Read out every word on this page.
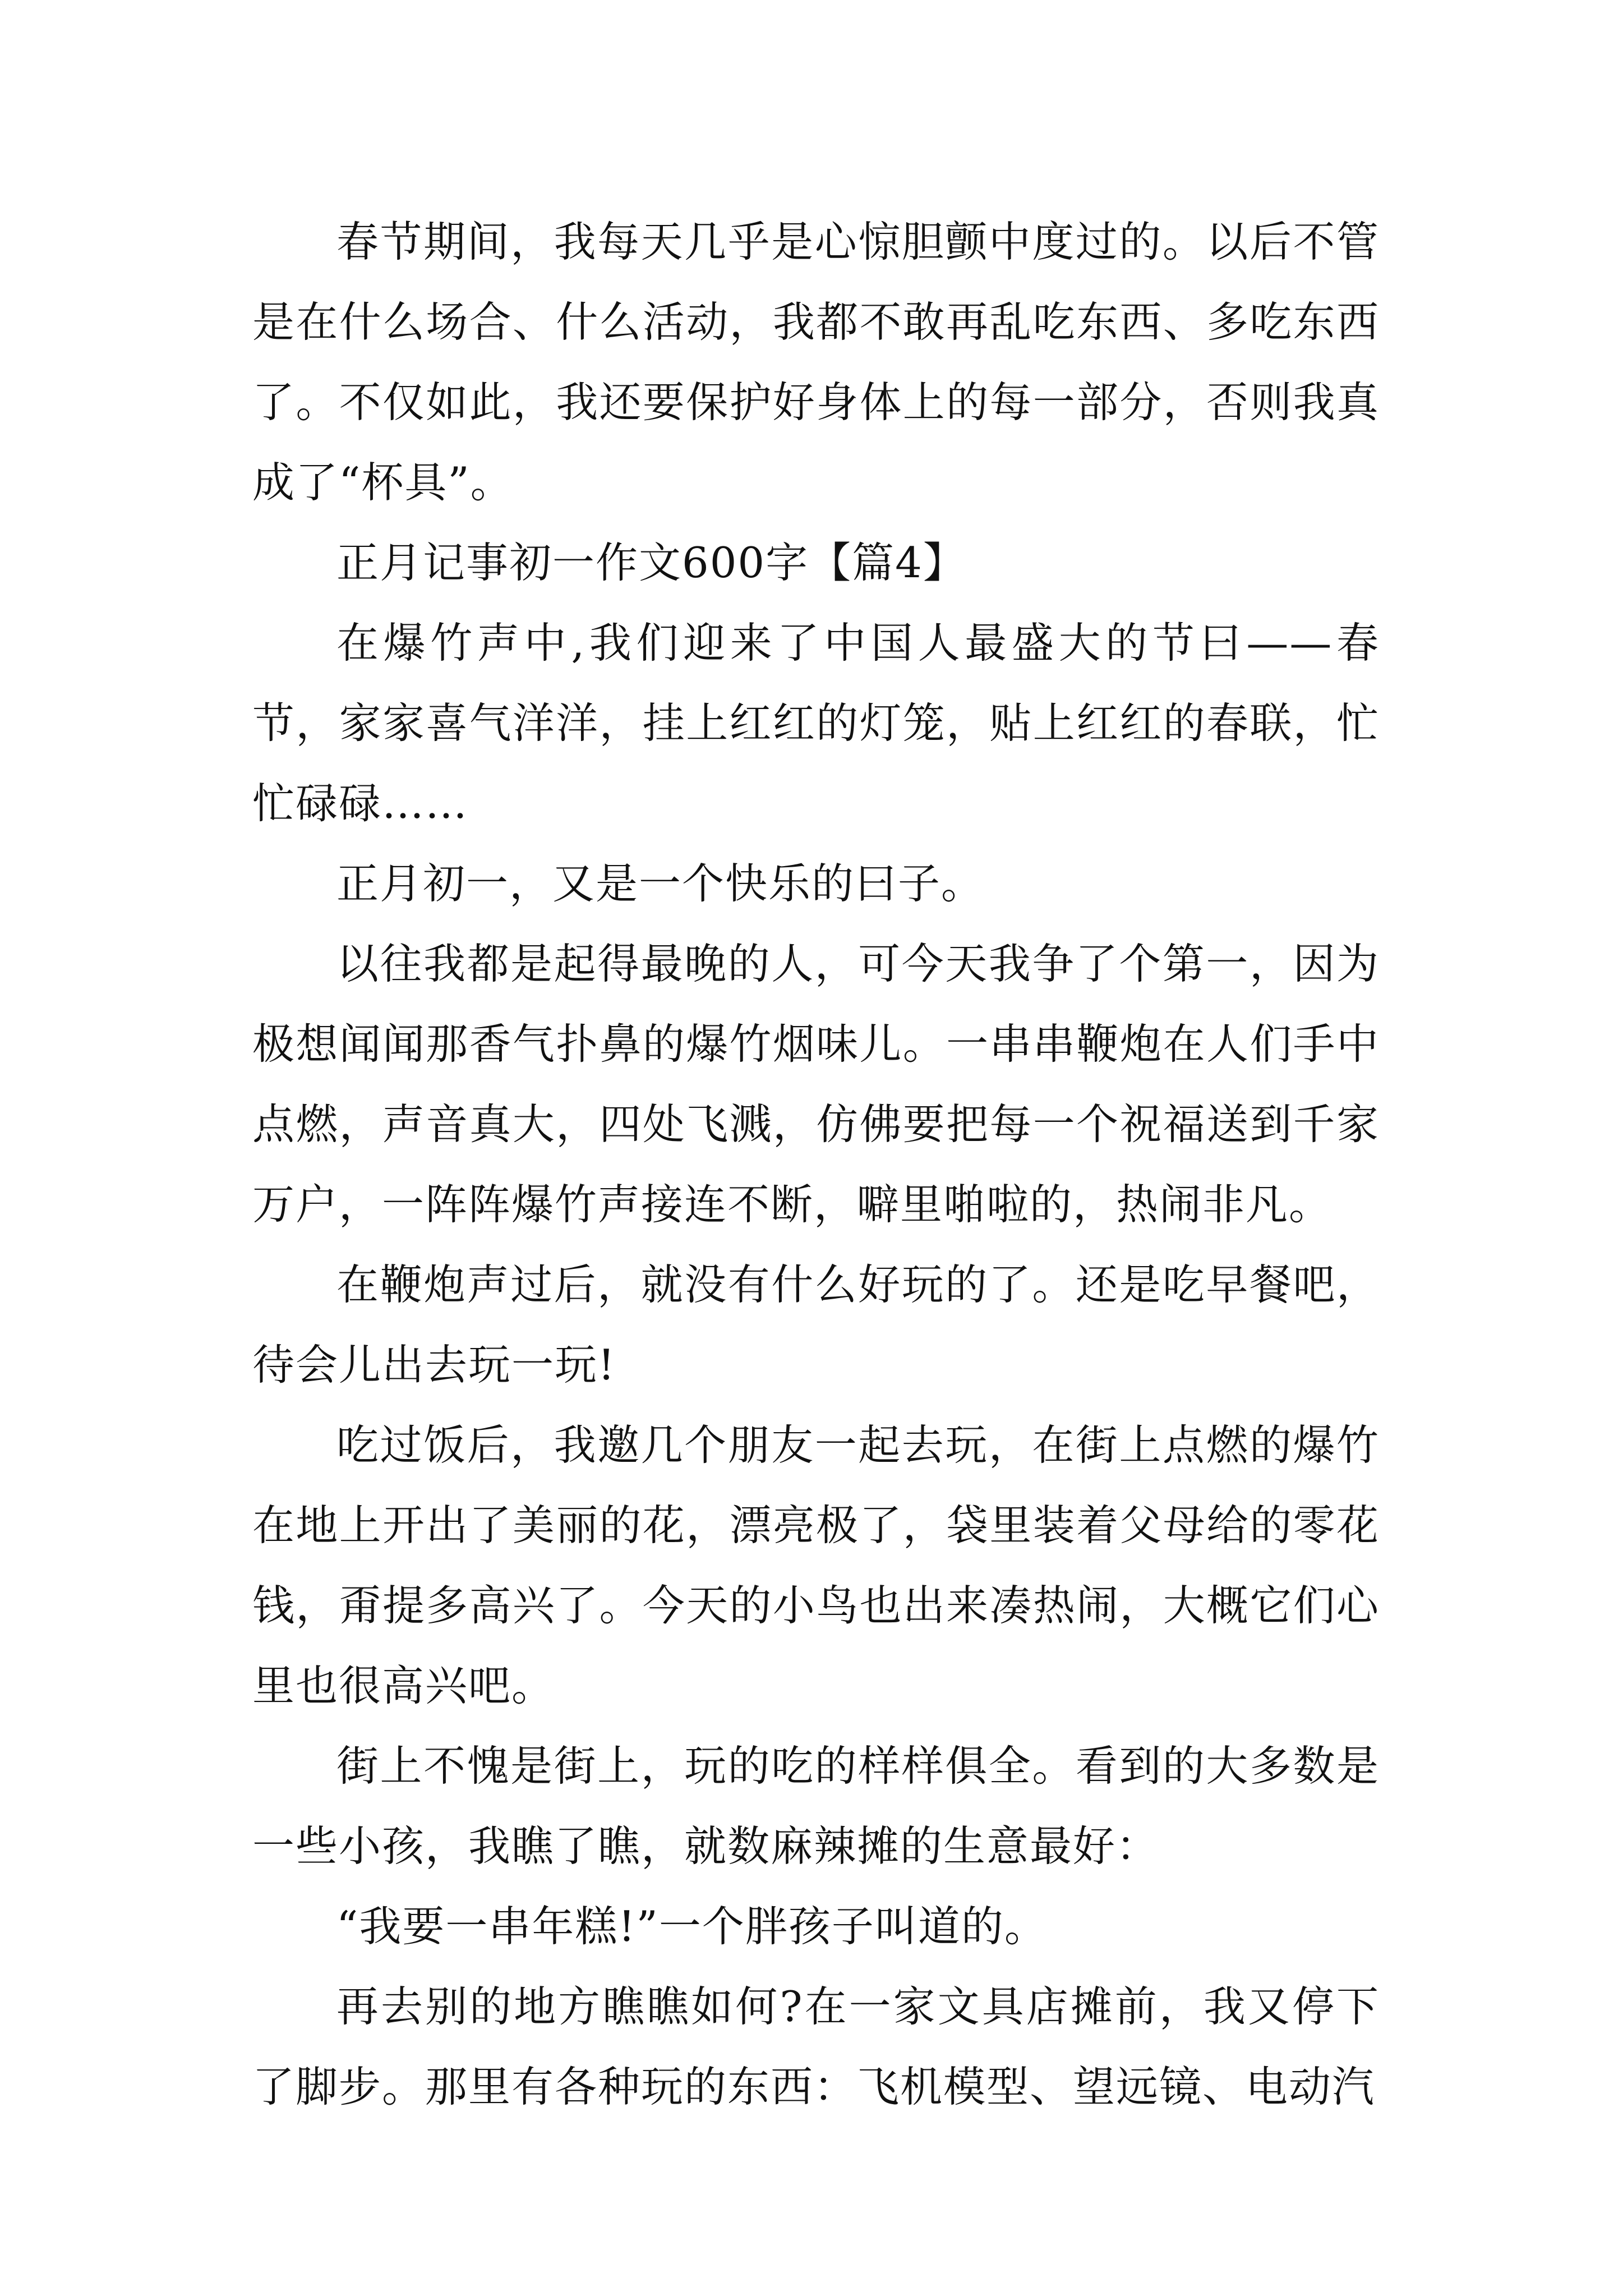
春节期间，我每天几乎是心惊胆颤中度过的。以后不管是在什么场合、什么活动，我都不敢再乱吃东西、多吃东西了。不仅如此，我还要保护好身体上的每一部分，否则我真成了“杯具”。

正月记事初一作文600字【篇4】

在爆竹声中,我们迎来了中国人最盛大的节曰——春节，家家喜气洋洋，挂上红红的灯笼，贴上红红的春联，忙忙碌碌……

正月初一，又是一个快乐的曰子。

以往我都是起得最晚的人，可今天我争了个第一，因为极想闻闻那香气扑鼻的爆竹烟味儿。一串串鞭炮在人们手中点燃，声音真大，四处飞溅，仿佛要把每一个祝福送到千家万户，一阵阵爆竹声接连不断，噼里啪啦的，热闹非凡。

在鞭炮声过后，就没有什么好玩的了。还是吃早餐吧，待会儿出去玩一玩!

吃过饭后，我邀几个朋友一起去玩，在街上点燃的爆竹在地上开出了美丽的花，漂亮极了，袋里装着父母给的零花钱，甭提多高兴了。今天的小鸟也出来凑热闹，大概它们心里也很高兴吧。

街上不愧是街上，玩的吃的样样俱全。看到的大多数是一些小孩，我瞧了瞧，就数麻辣摊的生意最好：

“我要一串年糕!”一个胖孩子叫道的。

再去别的地方瞧瞧如何?在一家文具店摊前，我又停下了脚步。那里有各种玩的东西：飞机模型、望远镜、电动汽
